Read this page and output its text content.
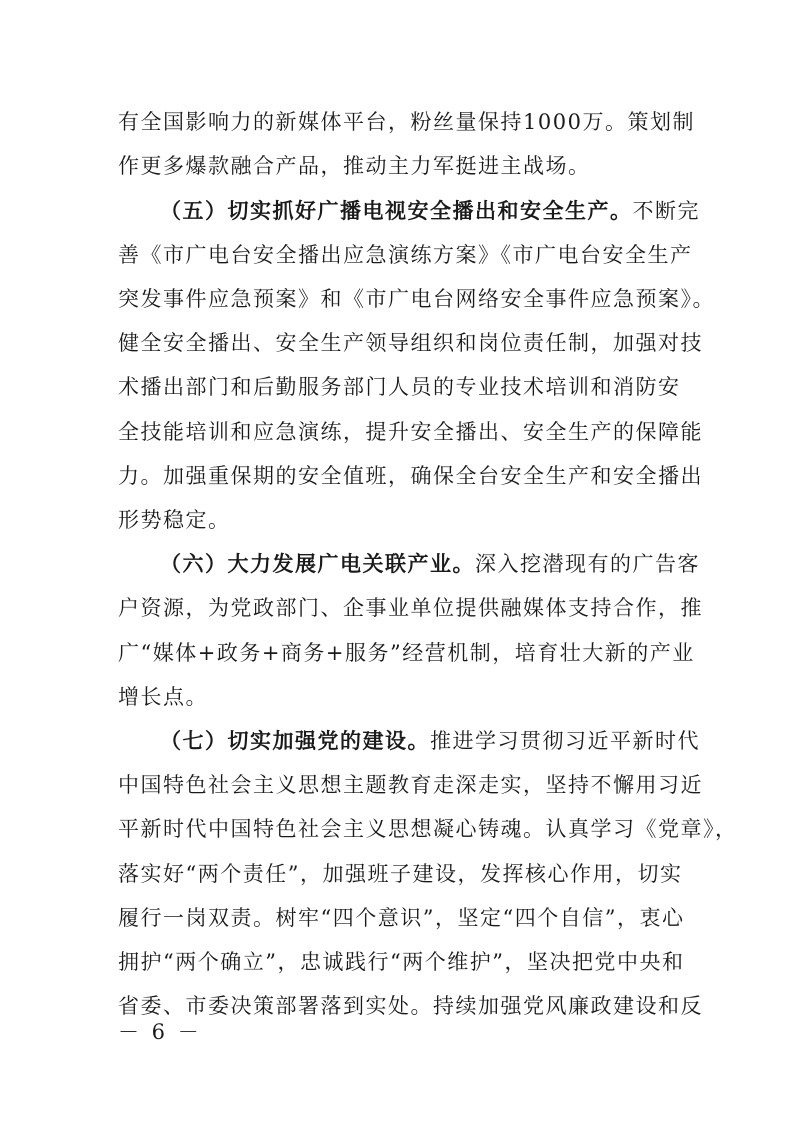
有全国影响力的新媒体平台，粉丝量保持1000万。策划制
作更多爆款融合产品，推动主力军挺进主战场。
（五）切实抓好广播电视安全播出和安全生产。不断完
善《市广电台安全播出应急演练方案》《市广电台安全生产
突发事件应急预案》和《市广电台网络安全事件应急预案》。
健全安全播出、安全生产领导组织和岗位责任制，加强对技
术播出部门和后勤服务部门人员的专业技术培训和消防安
全技能培训和应急演练，提升安全播出、安全生产的保障能
力。加强重保期的安全值班，确保全台安全生产和安全播出
形势稳定。
（六）大力发展广电关联产业。深入挖潜现有的广告客
户资源，为党政部门、企事业单位提供融媒体支持合作，推
广“媒体+政务+商务+服务”经营机制，培育壮大新的产业
增长点。
（七）切实加强党的建设。推进学习贯彻习近平新时代
中国特色社会主义思想主题教育走深走实，坚持不懈用习近
平新时代中国特色社会主义思想凝心铸魂。认真学习《党章》，
落实好“两个责任”，加强班子建设，发挥核心作用，切实
履行一岗双责。树牢“四个意识”，坚定“四个自信”，衷心
拥护“两个确立”，忠诚践行“两个维护”，坚决把党中央和
省委、市委决策部署落到实处。持续加强党风廉政建设和反
－ 6 －
